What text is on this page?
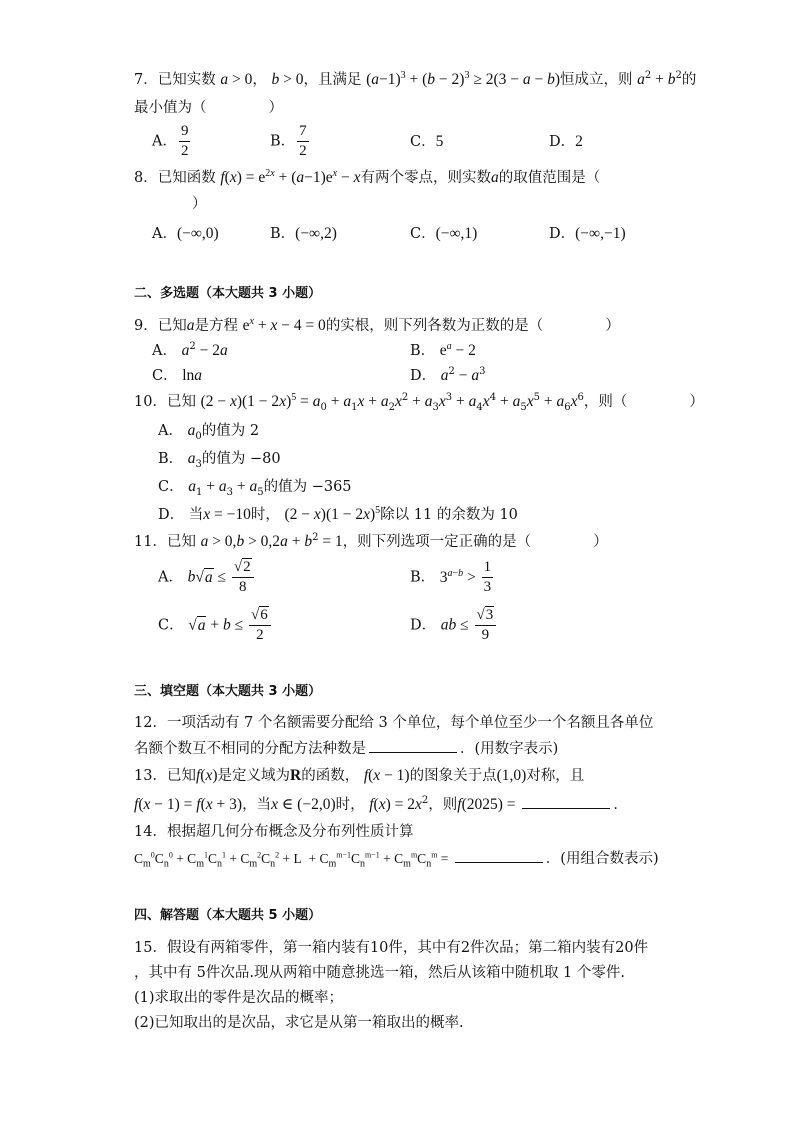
7．已知实数 a > 0， b > 0，且满足 $(a-1)^3 + (b - 2)^3 \ge 2(3 - a - b)$恒成立，则 $a^2 + b^2$的
最小值为（	）
A． $\frac{9}{2}$	B． $\frac{7}{2}$	C．5	D．2
8．已知函数 $f(x) = e^{2x} + (a-1)e^x - x$有两个零点，则实数a的取值范围是（
）
A．(−∞,0)	B．(−∞,2)	C．(−∞,1)	D．(−∞,−1)
二、多选题（本大题共 3 小题）
9．已知a是方程 $e^x + x - 4 = 0$的实根，则下列各数为正数的是（	）
A． $a^2 - 2a$	B． $e^a - 2$
C． lna	D． $a^2 - a^3$
10．已知 $(2 - x)(1 - 2x)^5 = a_0 + a_1x + a_2x^2 + a_3x^3 + a_4x^4 + a_5x^5 + a_6x^6$，则（	）
A． $a_0$的值为 2
B． $a_3$的值为 −80
C． $a_1 + a_3 + a_5$的值为 −365
D． 当x = −10时， $(2 - x)(1 - 2x)^5$除以 11 的余数为 10
11．已知 $a > 0,b > 0,2a + b^2 = 1$，则下列选项一定正确的是（	）
A． $b√a \le \frac{√2}{8}$	B． $3^{a-b} > \frac{1}{3}$
C． $√a + b \le \frac{√6}{2}$	D． ab ≤ $\frac{√3}{9}$
三、填空题（本大题共 3 小题）
12．一项活动有 7 个名额需要分配给 3 个单位，每个单位至少一个名额且各单位
名额个数互不相同的分配方法种数是	．(用数字表示)
13．已知f(x)是定义域为R的函数， f(x − 1)的图象关于点(1,0)对称，且
f(x − 1) = f(x + 3)，当x ∈ (−2,0)时， $f(x) = 2x^2$，则f(2025) =	．
14．根据超几何分布概念及分布列性质计算
$C_m^0C_n^0 + C_m^1C_n^1 + C_m^2C_n^2 + L + C_m^{m-1}C_n^{m-1} + C_m^mC_n^m$ =	．(用组合数表示)
四、解答题（本大题共 5 小题）
15．假设有两箱零件，第一箱内装有10件，其中有2件次品；第二箱内装有20件
，其中有 5件次品.现从两箱中随意挑选一箱，然后从该箱中随机取 1 个零件.
(1)求取出的零件是次品的概率；
(2)已知取出的是次品，求它是从第一箱取出的概率.
